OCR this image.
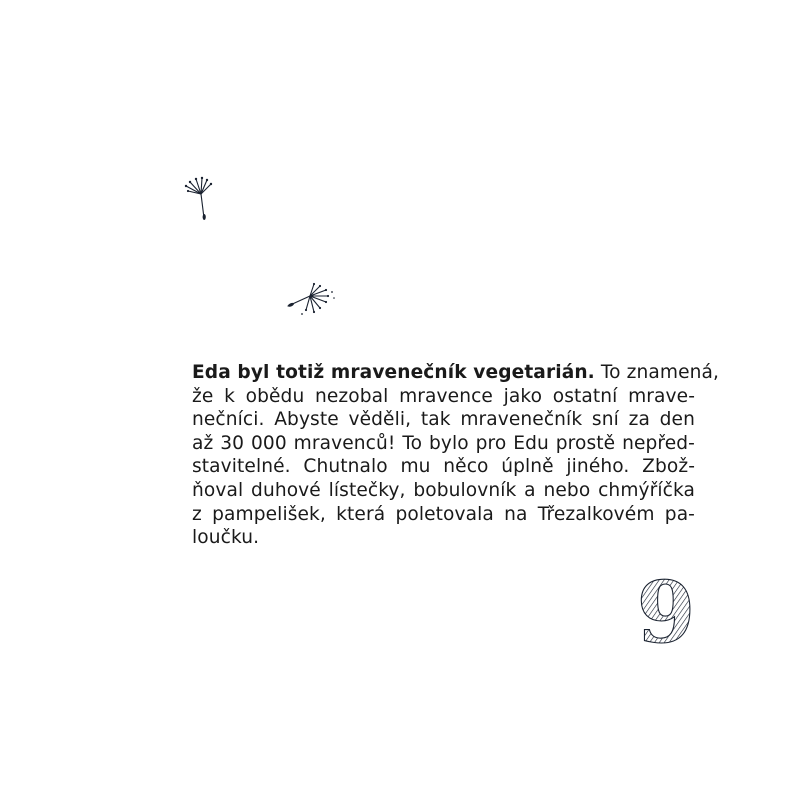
Eda byl totiž mravenečník vegetarián. To znamená,
že k obědu nezobal mravence jako ostatní mrave-
nečníci. Abyste věděli, tak mravenečník sní za den
až 30 000 mravenců! To bylo pro Edu prostě nepřed-
stavitelné. Chutnalo mu něco úplně jiného. Zbož-
ňoval duhové lístečky, bobulovník a nebo chmýříčka
z pampelišek, která poletovala na Třezalkovém pa-
loučku.
9
